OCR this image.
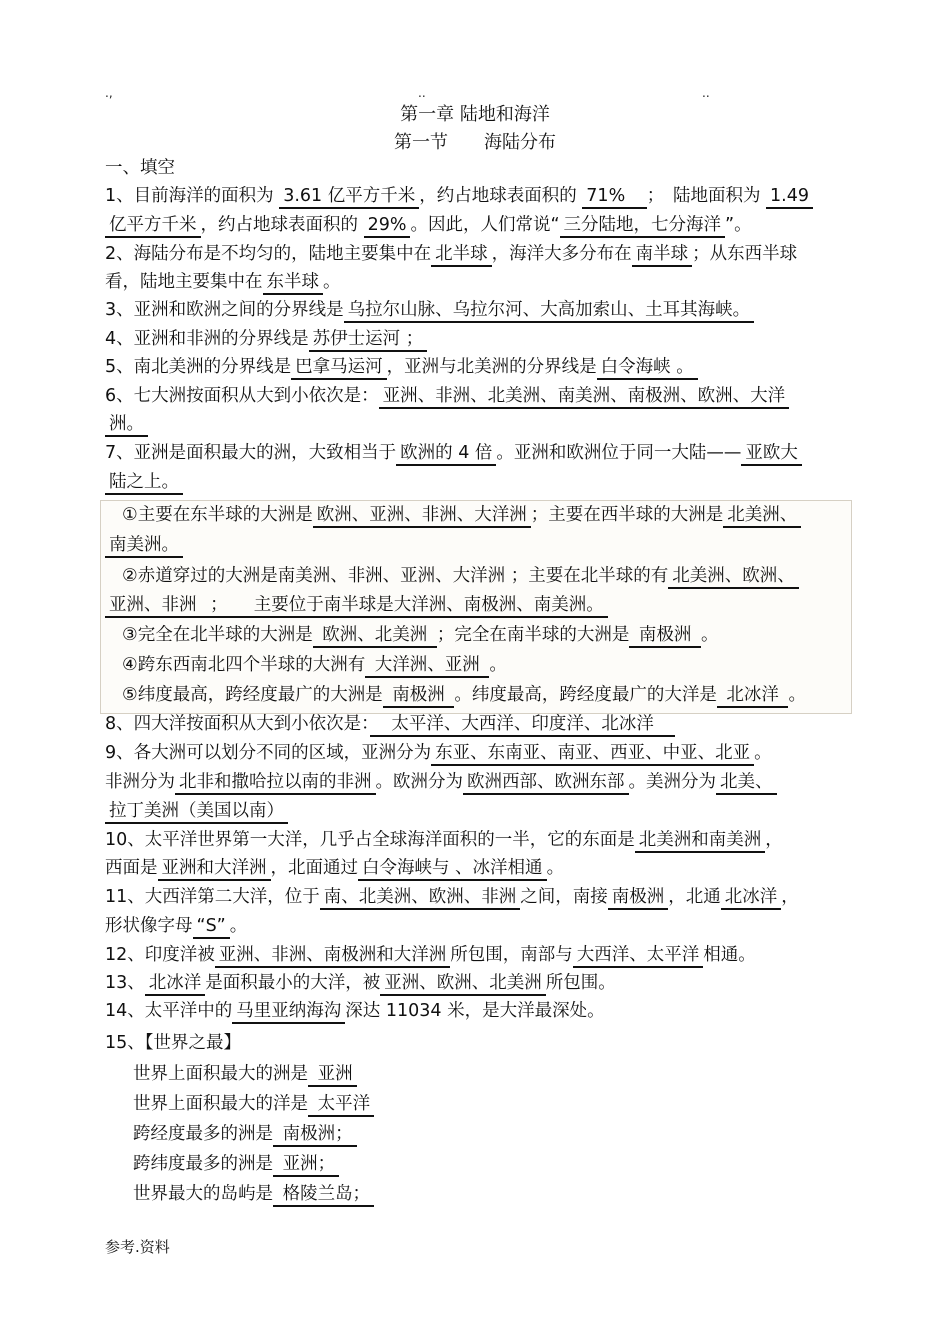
.,	..	..
第一章 陆地和海洋
第一节　　海陆分布
一、填空
1、目前海洋的面积为 3.61 亿平方千米 ，约占地球表面积的 71%　；　陆地面积为 1.49
亿平方千米 ，约占地球表面积的 29% 。因此，人们常说“ 三分陆地，七分海洋 ”。
2、海陆分布是不均匀的，陆地主要集中在 北半球 ，海洋大多分布在 南半球 ；从东西半球
看，陆地主要集中在 东半球 。
3、亚洲和欧洲之间的分界线是 乌拉尔山脉、乌拉尔河、大高加索山、土耳其海峡。
4、亚洲和非洲的分界线是 苏伊士运河 ；
5、南北美洲的分界线是 巴拿马运河 ，亚洲与北美洲的分界线是 白令海峡 。
6、七大洲按面积从大到小依次是： 亚洲、非洲、北美洲、南美洲、南极洲、欧洲、大洋
洲。
7、亚洲是面积最大的洲，大致相当于 欧洲的 4 倍 。亚洲和欧洲位于同一大陆—— 亚欧大
陆之上。
①主要在东半球的大洲是 欧洲、亚洲、非洲、大洋洲 ；主要在西半球的大洲是 北美洲、
南美洲。
②赤道穿过的大洲是南美洲、非洲、亚洲、大洋洲 ；主要在北半球的有 北美洲、欧洲、
亚洲、非洲 ；　　主要位于南半球是大洋洲、南极洲、南美洲。
③完全在北半球的大洲是 欧洲、北美洲 ；完全在南半球的大洲是 南极洲 。
④跨东西南北四个半球的大洲有 大洋洲、亚洲 。
⑤纬度最高，跨经度最广的大洲是 南极洲 。纬度最高，跨经度最广的大洋是 北冰洋 。
8、四大洋按面积从大到小依次是：　太平洋、大西洋、印度洋、北冰洋　
9、各大洲可以划分不同的区域，亚洲分为 东亚、东南亚、南亚、西亚、中亚、北亚 。
非洲分为 北非和撒哈拉以南的非洲 。欧洲分为 欧洲西部、欧洲东部 。美洲分为 北美、
拉丁美洲（美国以南）
10、太平洋世界第一大洋，几乎占全球海洋面积的一半，它的东面是 北美洲和南美洲 ，
西面是 亚洲和大洋洲 ，北面通过 白令海峡与 、冰洋相通 。
11、大西洋第二大洋，位于 南、北美洲、欧洲、非洲 之间，南接 南极洲 ，北通 北冰洋 ，
形状像字母 “S” 。
12、印度洋被 亚洲、非洲、南极洲和大洋洲 所包围，南部与 大西洋、太平洋 相通。
13、 北冰洋 是面积最小的大洋，被 亚洲、欧洲、北美洲 所包围。
14、太平洋中的 马里亚纳海沟 深达 11034 米，是大洋最深处。
15、【世界之最】
世界上面积最大的洲是 亚洲
世界上面积最大的洋是 太平洋
跨经度最多的洲是 南极洲；
跨纬度最多的洲是 亚洲；
世界最大的岛屿是 格陵兰岛；
参考.资料
